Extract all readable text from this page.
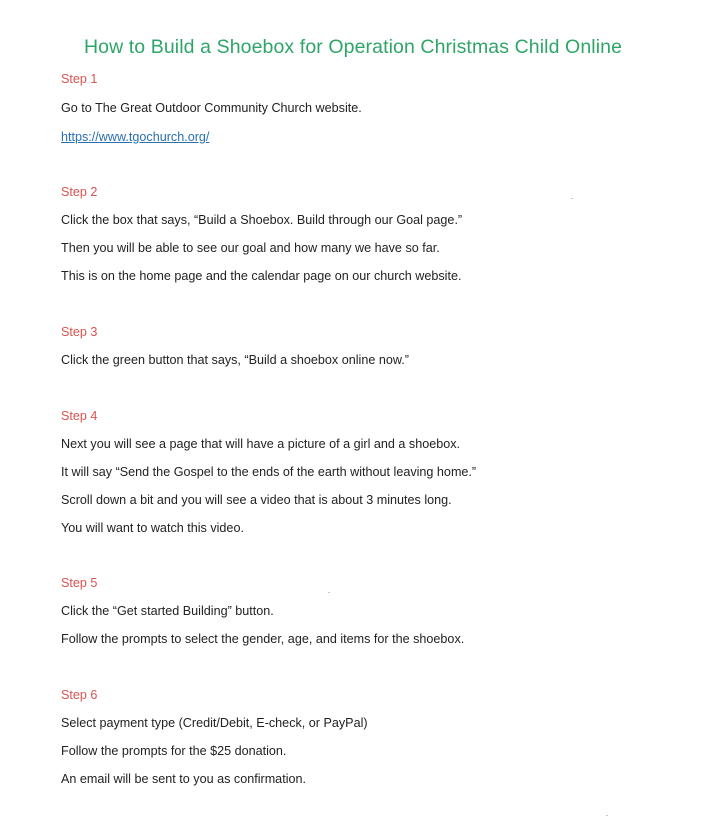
How to Build a Shoebox for Operation Christmas Child Online
Step 1
Go to The Great Outdoor Community Church website.
https://www.tgochurch.org/
Step 2
Click the box that says, “Build a Shoebox. Build through our Goal page.”
Then you will be able to see our goal and how many we have so far.
This is on the home page and the calendar page on our church website.
Step 3
Click the green button that says, “Build a shoebox online now.”
Step 4
Next you will see a page that will have a picture of a girl and a shoebox.
It will say “Send the Gospel to the ends of the earth without leaving home.”
Scroll down a bit and you will see a video that is about 3 minutes long.
You will want to watch this video.
Step 5
Click the “Get started Building” button.
Follow the prompts to select the gender, age, and items for the shoebox.
Step 6
Select payment type (Credit/Debit, E-check, or PayPal)
Follow the prompts for the $25 donation.
An email will be sent to you as confirmation.
